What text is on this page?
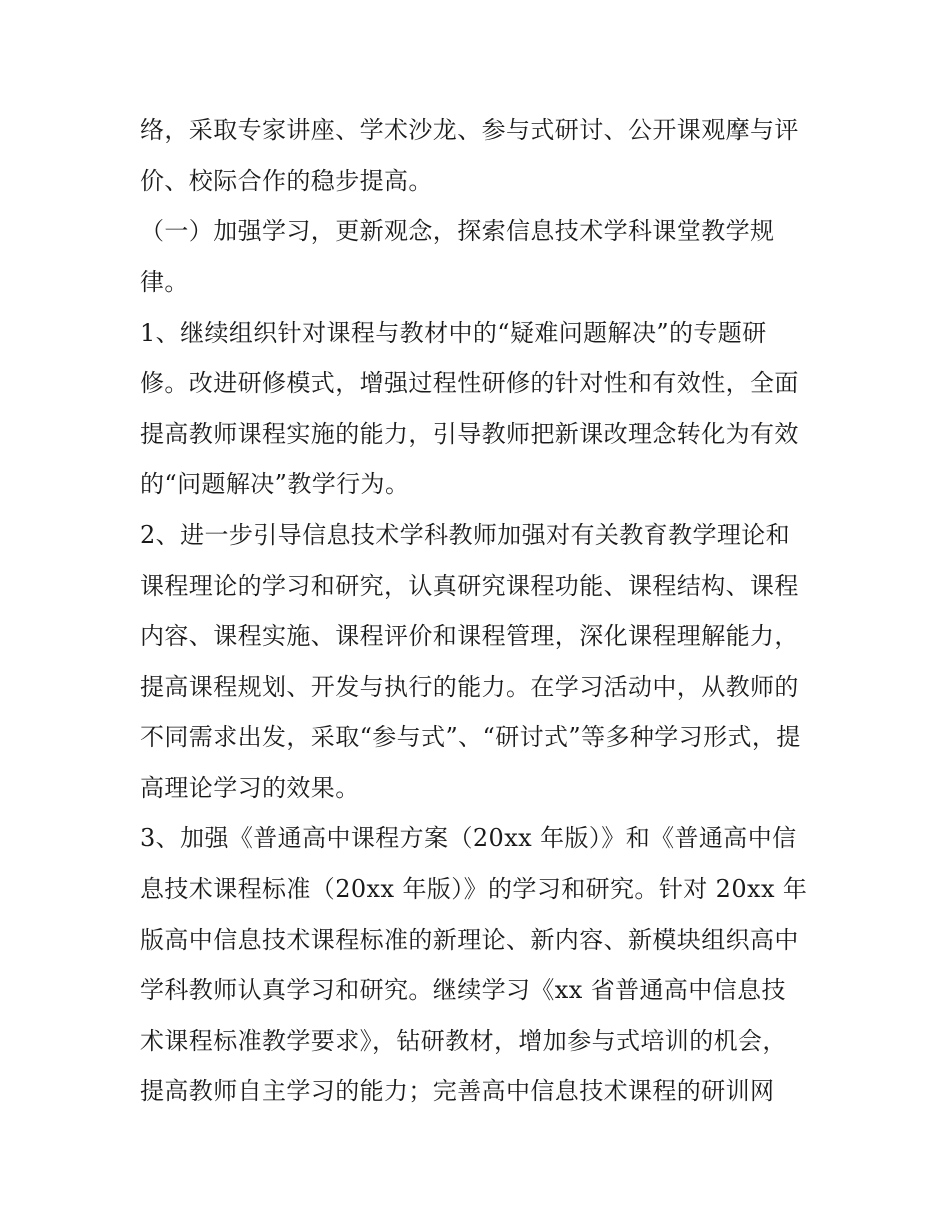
络，采取专家讲座、学术沙龙、参与式研讨、公开课观摩与评
价、校际合作的稳步提高。
（一）加强学习，更新观念，探索信息技术学科课堂教学规
律。
1、继续组织针对课程与教材中的“疑难问题解决”的专题研
修。改进研修模式，增强过程性研修的针对性和有效性，全面
提高教师课程实施的能力，引导教师把新课改理念转化为有效
的“问题解决”教学行为。
2、进一步引导信息技术学科教师加强对有关教育教学理论和
课程理论的学习和研究，认真研究课程功能、课程结构、课程
内容、课程实施、课程评价和课程管理，深化课程理解能力，
提高课程规划、开发与执行的能力。在学习活动中，从教师的
不同需求出发，采取“参与式”、“研讨式”等多种学习形式，提
高理论学习的效果。
3、加强《普通高中课程方案（20xx 年版）》和《普通高中信
息技术课程标准（20xx 年版）》的学习和研究。针对 20xx 年
版高中信息技术课程标准的新理论、新内容、新模块组织高中
学科教师认真学习和研究。继续学习《xx 省普通高中信息技
术课程标准教学要求》，钻研教材，增加参与式培训的机会，
提高教师自主学习的能力；完善高中信息技术课程的研训网
